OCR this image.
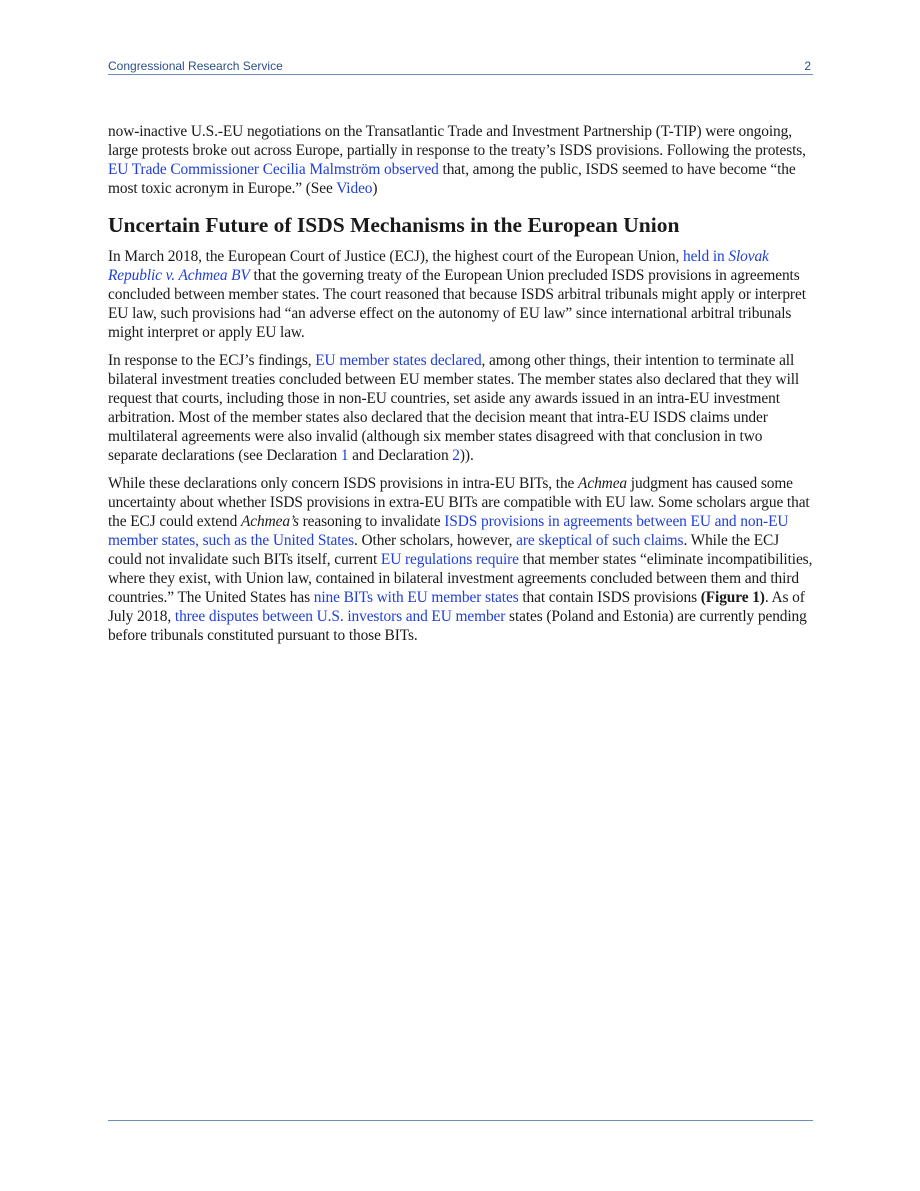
Congressional Research Service	2

now-inactive U.S.-EU negotiations on the Transatlantic Trade and Investment Partnership (T-TIP) were ongoing, large protests broke out across Europe, partially in response to the treaty’s ISDS provisions. Following the protests, EU Trade Commissioner Cecilia Malmström observed that, among the public, ISDS seemed to have become “the most toxic acronym in Europe.” (See Video)

Uncertain Future of ISDS Mechanisms in the European Union

In March 2018, the European Court of Justice (ECJ), the highest court of the European Union, held in Slovak Republic v. Achmea BV that the governing treaty of the European Union precluded ISDS provisions in agreements concluded between member states. The court reasoned that because ISDS arbitral tribunals might apply or interpret EU law, such provisions had “an adverse effect on the autonomy of EU law” since international arbitral tribunals might interpret or apply EU law.

In response to the ECJ’s findings, EU member states declared, among other things, their intention to terminate all bilateral investment treaties concluded between EU member states. The member states also declared that they will request that courts, including those in non-EU countries, set aside any awards issued in an intra-EU investment arbitration. Most of the member states also declared that the decision meant that intra-EU ISDS claims under multilateral agreements were also invalid (although six member states disagreed with that conclusion in two separate declarations (see Declaration 1 and Declaration 2)).

While these declarations only concern ISDS provisions in intra-EU BITs, the Achmea judgment has caused some uncertainty about whether ISDS provisions in extra-EU BITs are compatible with EU law. Some scholars argue that the ECJ could extend Achmea’s reasoning to invalidate ISDS provisions in agreements between EU and non-EU member states, such as the United States. Other scholars, however, are skeptical of such claims. While the ECJ could not invalidate such BITs itself, current EU regulations require that member states “eliminate incompatibilities, where they exist, with Union law, contained in bilateral investment agreements concluded between them and third countries.” The United States has nine BITs with EU member states that contain ISDS provisions (Figure 1). As of July 2018, three disputes between U.S. investors and EU member states (Poland and Estonia) are currently pending before tribunals constituted pursuant to those BITs.
